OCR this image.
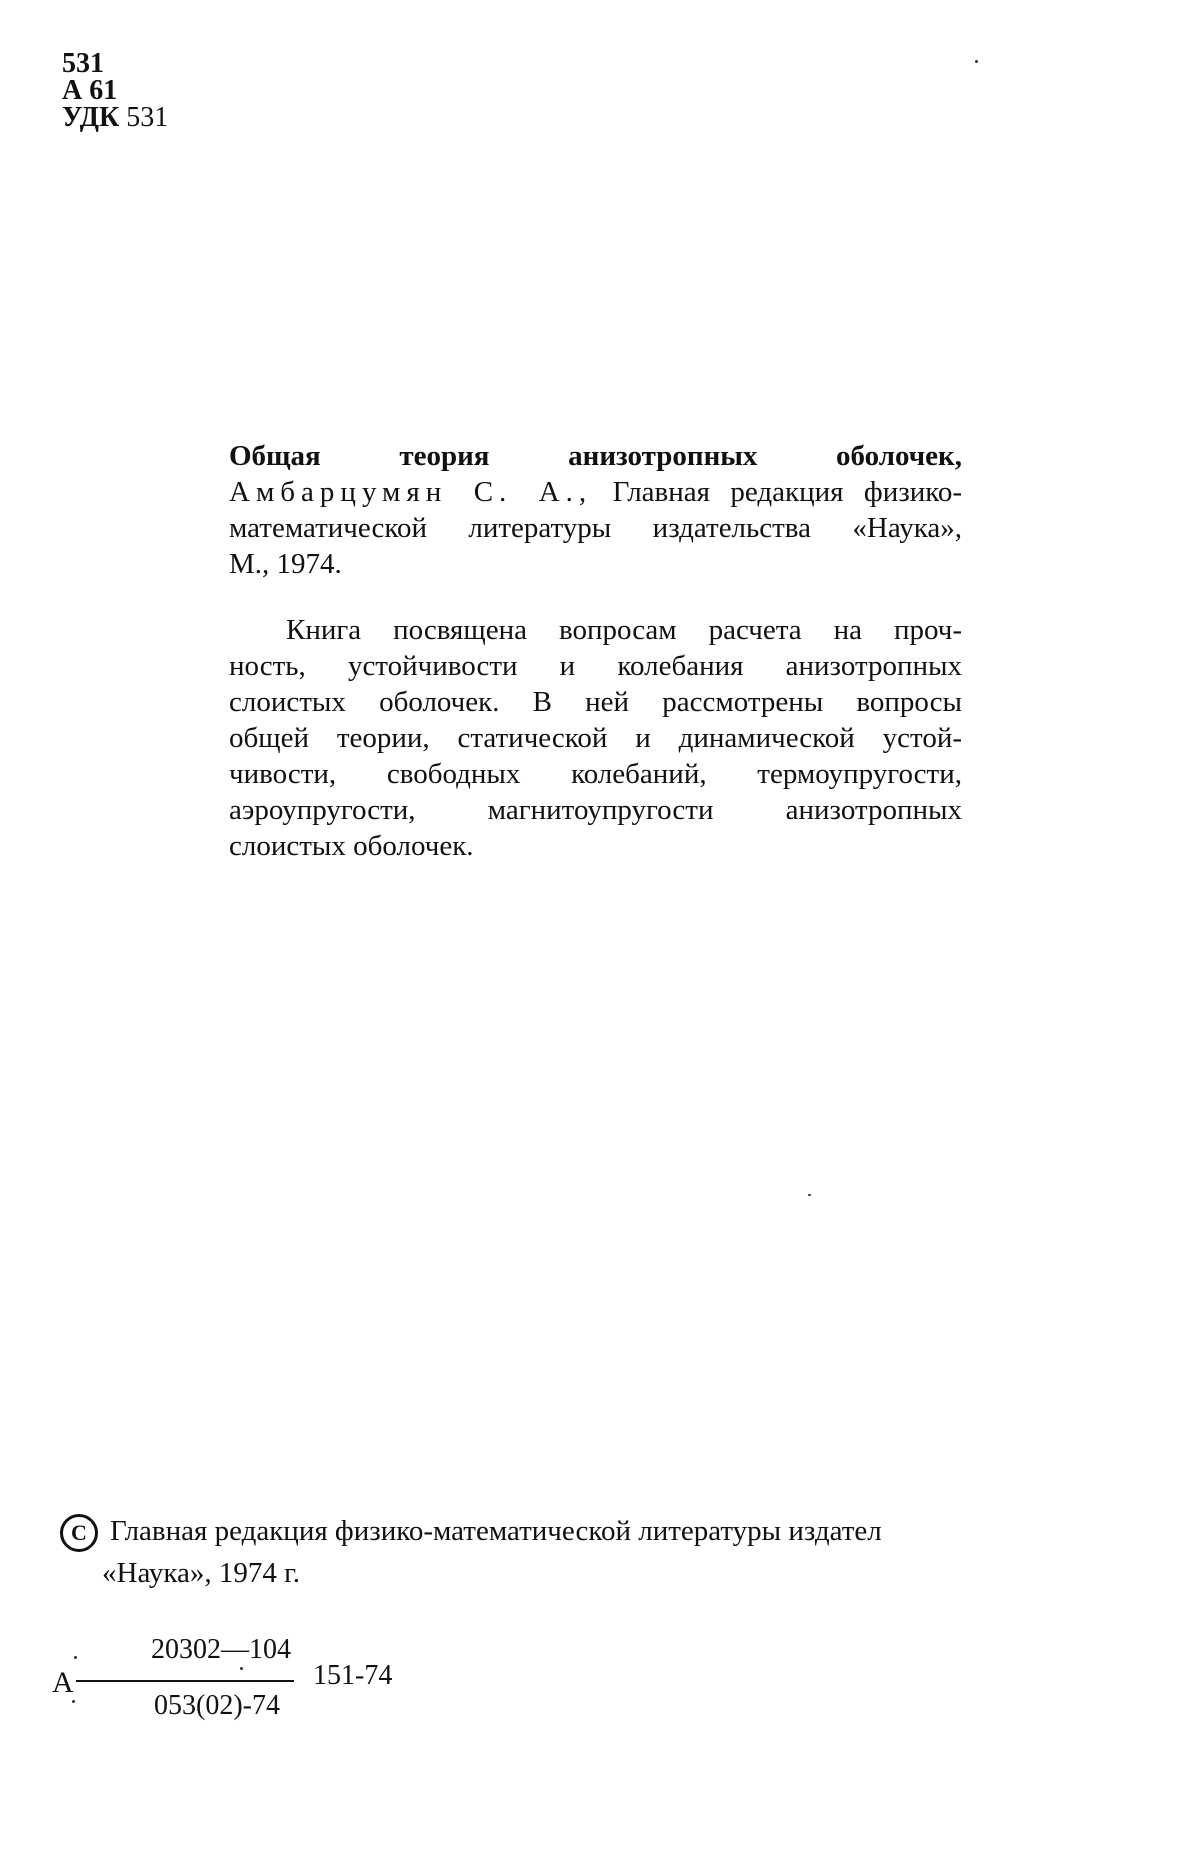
531
А 61
УДК 531
Общая теория анизотропных оболочек,
Амбарцумян С. А., Главная редакция физико-
математической литературы издательства «Наука»,
М., 1974.
Книга посвящена вопросам расчета на проч-
ность, устойчивости и колебания анизотропных
слоистых оболочек. В ней рассмотрены вопросы
общей теории, статической и динамической устой-
чивости, свободных колебаний, термоупругости,
аэроупругости, магнитоупругости анизотропных
слоистых оболочек.
C Главная редакция физико-математической литературы издател
«Наука», 1974 г.
А
20302—104
053(02)-74
151-74
